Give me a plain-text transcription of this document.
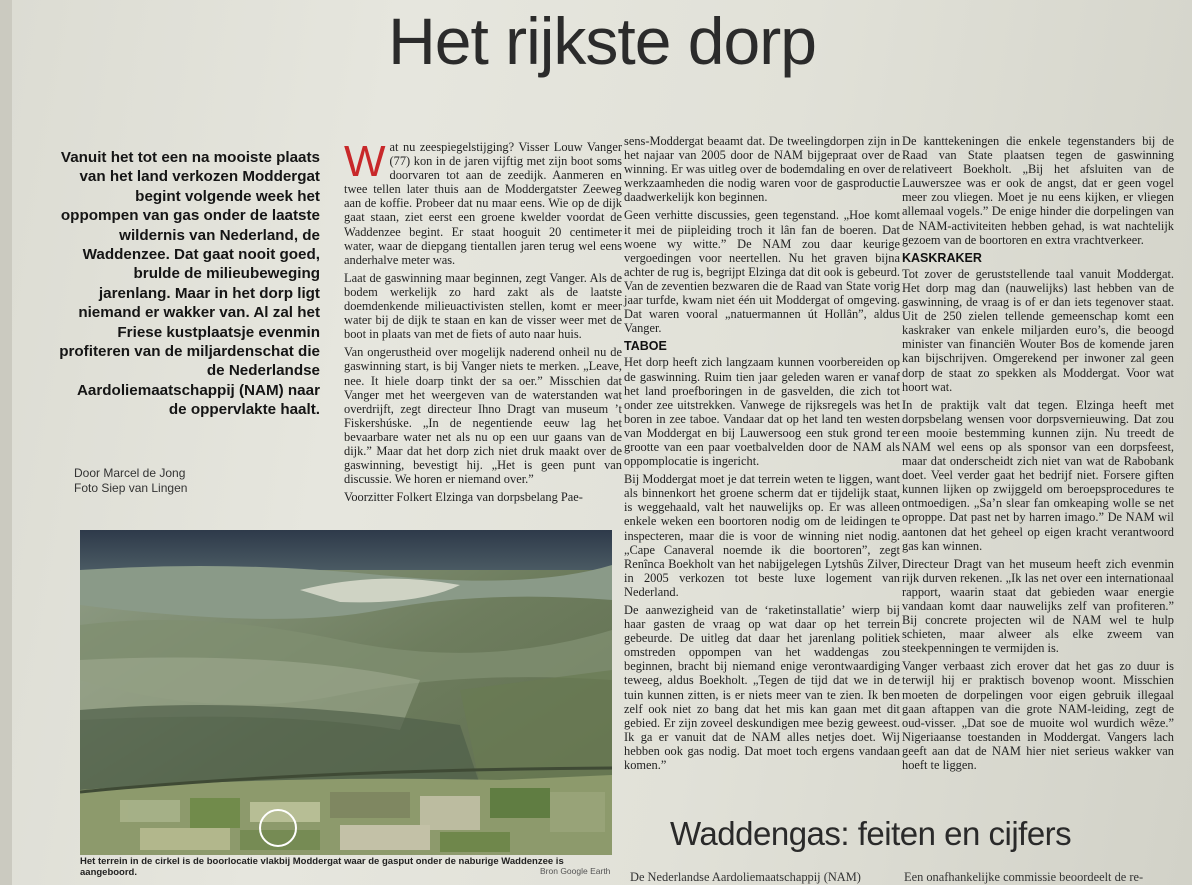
Het rijkste dorp
Vanuit het tot een na mooiste plaats van het land verkozen Moddergat begint volgende week het oppompen van gas onder de laatste wildernis van Nederland, de Waddenzee. Dat gaat nooit goed, brulde de milieubeweging jarenlang. Maar in het dorp ligt niemand er wakker van. Al zal het Friese kustplaatsje evenmin profiteren van de miljardenschat die de Nederlandse Aardoliemaatschappij (NAM) naar de oppervlakte haalt.
Door Marcel de Jong
Foto Siep van Lingen

Wat nu zeespiegelstijging? Visser Louw Vanger (77) kon in de jaren vijftig met zijn boot soms doorvaren tot aan de zeedijk. Aanmeren en twee tellen later thuis aan de Moddergatster Zeeweg aan de koffie. Probeer dat nu maar eens. Wie op de dijk gaat staan, ziet eerst een groene kwelder voordat de Waddenzee begint. Er staat hooguit 20 centimeter water, waar de diepgang tientallen jaren terug wel eens anderhalve meter was.

Laat de gaswinning maar beginnen, zegt Vanger. Als de bodem werkelijk zo hard zakt als de laatste doemdenkende milieuactivisten stellen, komt er meer water bij de dijk te staan en kan de visser weer met de boot in plaats van met de fiets of auto naar huis.

Van ongerustheid over mogelijk naderend onheil nu de gaswinning start, is bij Vanger niets te merken. „Leave, nee. It hiele doarp tinkt der sa oer.” Misschien dat Vanger met het weergeven van de waterstanden wat overdrijft, zegt directeur Ihno Dragt van museum ’t Fiskershúske. „In de negentiende eeuw lag het bevaarbare water net als nu op een uur gaans van de dijk.” Maar dat het dorp zich niet druk maakt over de gaswinning, bevestigt hij. „Het is geen punt van discussie. We horen er niemand over.”

Voorzitter Folkert Elzinga van dorpsbelang Pae-

sens-Moddergat beaamt dat. De tweelingdorpen zijn in het najaar van 2005 door de NAM bijgepraat over de winning. Er was uitleg over de bodemdaling en over de werkzaamheden die nodig waren voor de gasproductie daadwerkelijk kon beginnen.

Geen verhitte discussies, geen tegenstand. „Hoe komt it mei de piipleiding troch it lân fan de boeren. Dat woene wy witte.” De NAM zou daar keurige vergoedingen voor neertellen. Nu het graven bijna achter de rug is, begrijpt Elzinga dat dit ook is gebeurd. Van de zeventien bezwaren die de Raad van State vorig jaar turfde, kwam niet één uit Moddergat of omgeving. Dat waren vooral „natuermannen út Hollân”, aldus Vanger.

TABOE

Het dorp heeft zich langzaam kunnen voorbereiden op de gaswinning. Ruim tien jaar geleden waren er vanaf het land proefboringen in de gasvelden, die zich tot onder zee uitstrekken. Vanwege de rijksregels was het boren in zee taboe. Vandaar dat op het land ten westen van Moddergat en bij Lauwersoog een stuk grond ter grootte van een paar voetbalvelden door de NAM als oppomplocatie is ingericht.

Bij Moddergat moet je dat terrein weten te liggen, want als binnenkort het groene scherm dat er tijdelijk staat, is weggehaald, valt het nauwelijks op. Er was alleen enkele weken een boortoren nodig om de leidingen te inspecteren, maar die is voor de winning niet nodig. „Cape Canaveral noemde ik die boortoren”, zegt Renînca Boekholt van het nabijgelegen Lytshûs Zilver, in 2005 verkozen tot beste luxe logement van Nederland.

De aanwezigheid van de ‘raketinstallatie’ wierp bij haar gasten de vraag op wat daar op het terrein gebeurde. De uitleg dat daar het jarenlang politiek omstreden oppompen van het waddengas zou beginnen, bracht bij niemand enige verontwaardiging teweeg, aldus Boekholt. „Tegen de tijd dat we in de tuin kunnen zitten, is er niets meer van te zien. Ik ben zelf ook niet zo bang dat het mis kan gaan met dit gebied. Er zijn zoveel deskundigen mee bezig geweest. Ik ga er vanuit dat de NAM alles netjes doet. Wij hebben ook gas nodig. Dat moet toch ergens vandaan komen.”

De kanttekeningen die enkele tegenstanders bij de Raad van State plaatsen tegen de gaswinning relativeert Boekholt. „Bij het afsluiten van de Lauwerszee was er ook de angst, dat er geen vogel meer zou vliegen. Moet je nu eens kijken, er vliegen allemaal vogels.” De enige hinder die dorpelingen van de NAM-activiteiten hebben gehad, is wat nachtelijk gezoem van de boortoren en extra vrachtverkeer.

KASKRAKER

Tot zover de geruststellende taal vanuit Moddergat. Het dorp mag dan (nauwelijks) last hebben van de gaswinning, de vraag is of er dan iets tegenover staat. Uit de 250 zielen tellende gemeenschap komt een kaskraker van enkele miljarden euro’s, die beoogd minister van financiën Wouter Bos de komende jaren kan bijschrijven. Omgerekend per inwoner zal geen dorp de staat zo spekken als Moddergat. Voor wat hoort wat.

In de praktijk valt dat tegen. Elzinga heeft met dorpsbelang wensen voor dorpsvernieuwing. Dat zou een mooie bestemming kunnen zijn. Nu treedt de NAM wel eens op als sponsor van een dorpsfeest, maar dat onderscheidt zich niet van wat de Rabobank doet. Veel verder gaat het bedrijf niet. Forsere giften kunnen lijken op zwijggeld om beroepsprocedures te ontmoedigen. „Sa’n slear fan omkeaping wolle se net oproppe. Dat past net by harren imago.” De NAM wil aantonen dat het geheel op eigen kracht verantwoord gas kan winnen.

Directeur Dragt van het museum heeft zich evenmin rijk durven rekenen. „Ik las net over een internationaal rapport, waarin staat dat gebieden waar energie vandaan komt daar nauwelijks zelf van profiteren.” Bij concrete projecten wil de NAM wel te hulp schieten, maar alweer als elke zweem van steekpenningen te vermijden is.

Vanger verbaast zich erover dat het gas zo duur is terwijl hij er praktisch bovenop woont. Misschien moeten de dorpelingen voor eigen gebruik illegaal gaan aftappen van die grote NAM-leiding, zegt de oud-visser. „Dat soe de muoite wol wurdich wêze.” Nigeriaanse toestanden in Moddergat. Vangers lach geeft aan dat de NAM hier niet serieus wakker van hoeft te liggen.

Het terrein in de cirkel is de boorlocatie vlakbij Moddergat waar de gasput onder de naburige Waddenzee is aangeboord.	Bron Google Earth
Waddengas: feiten en cijfers
De Nederlandse Aardoliemaatschappij (NAM)	Een onafhankelijke commissie beoordeelt de re-
